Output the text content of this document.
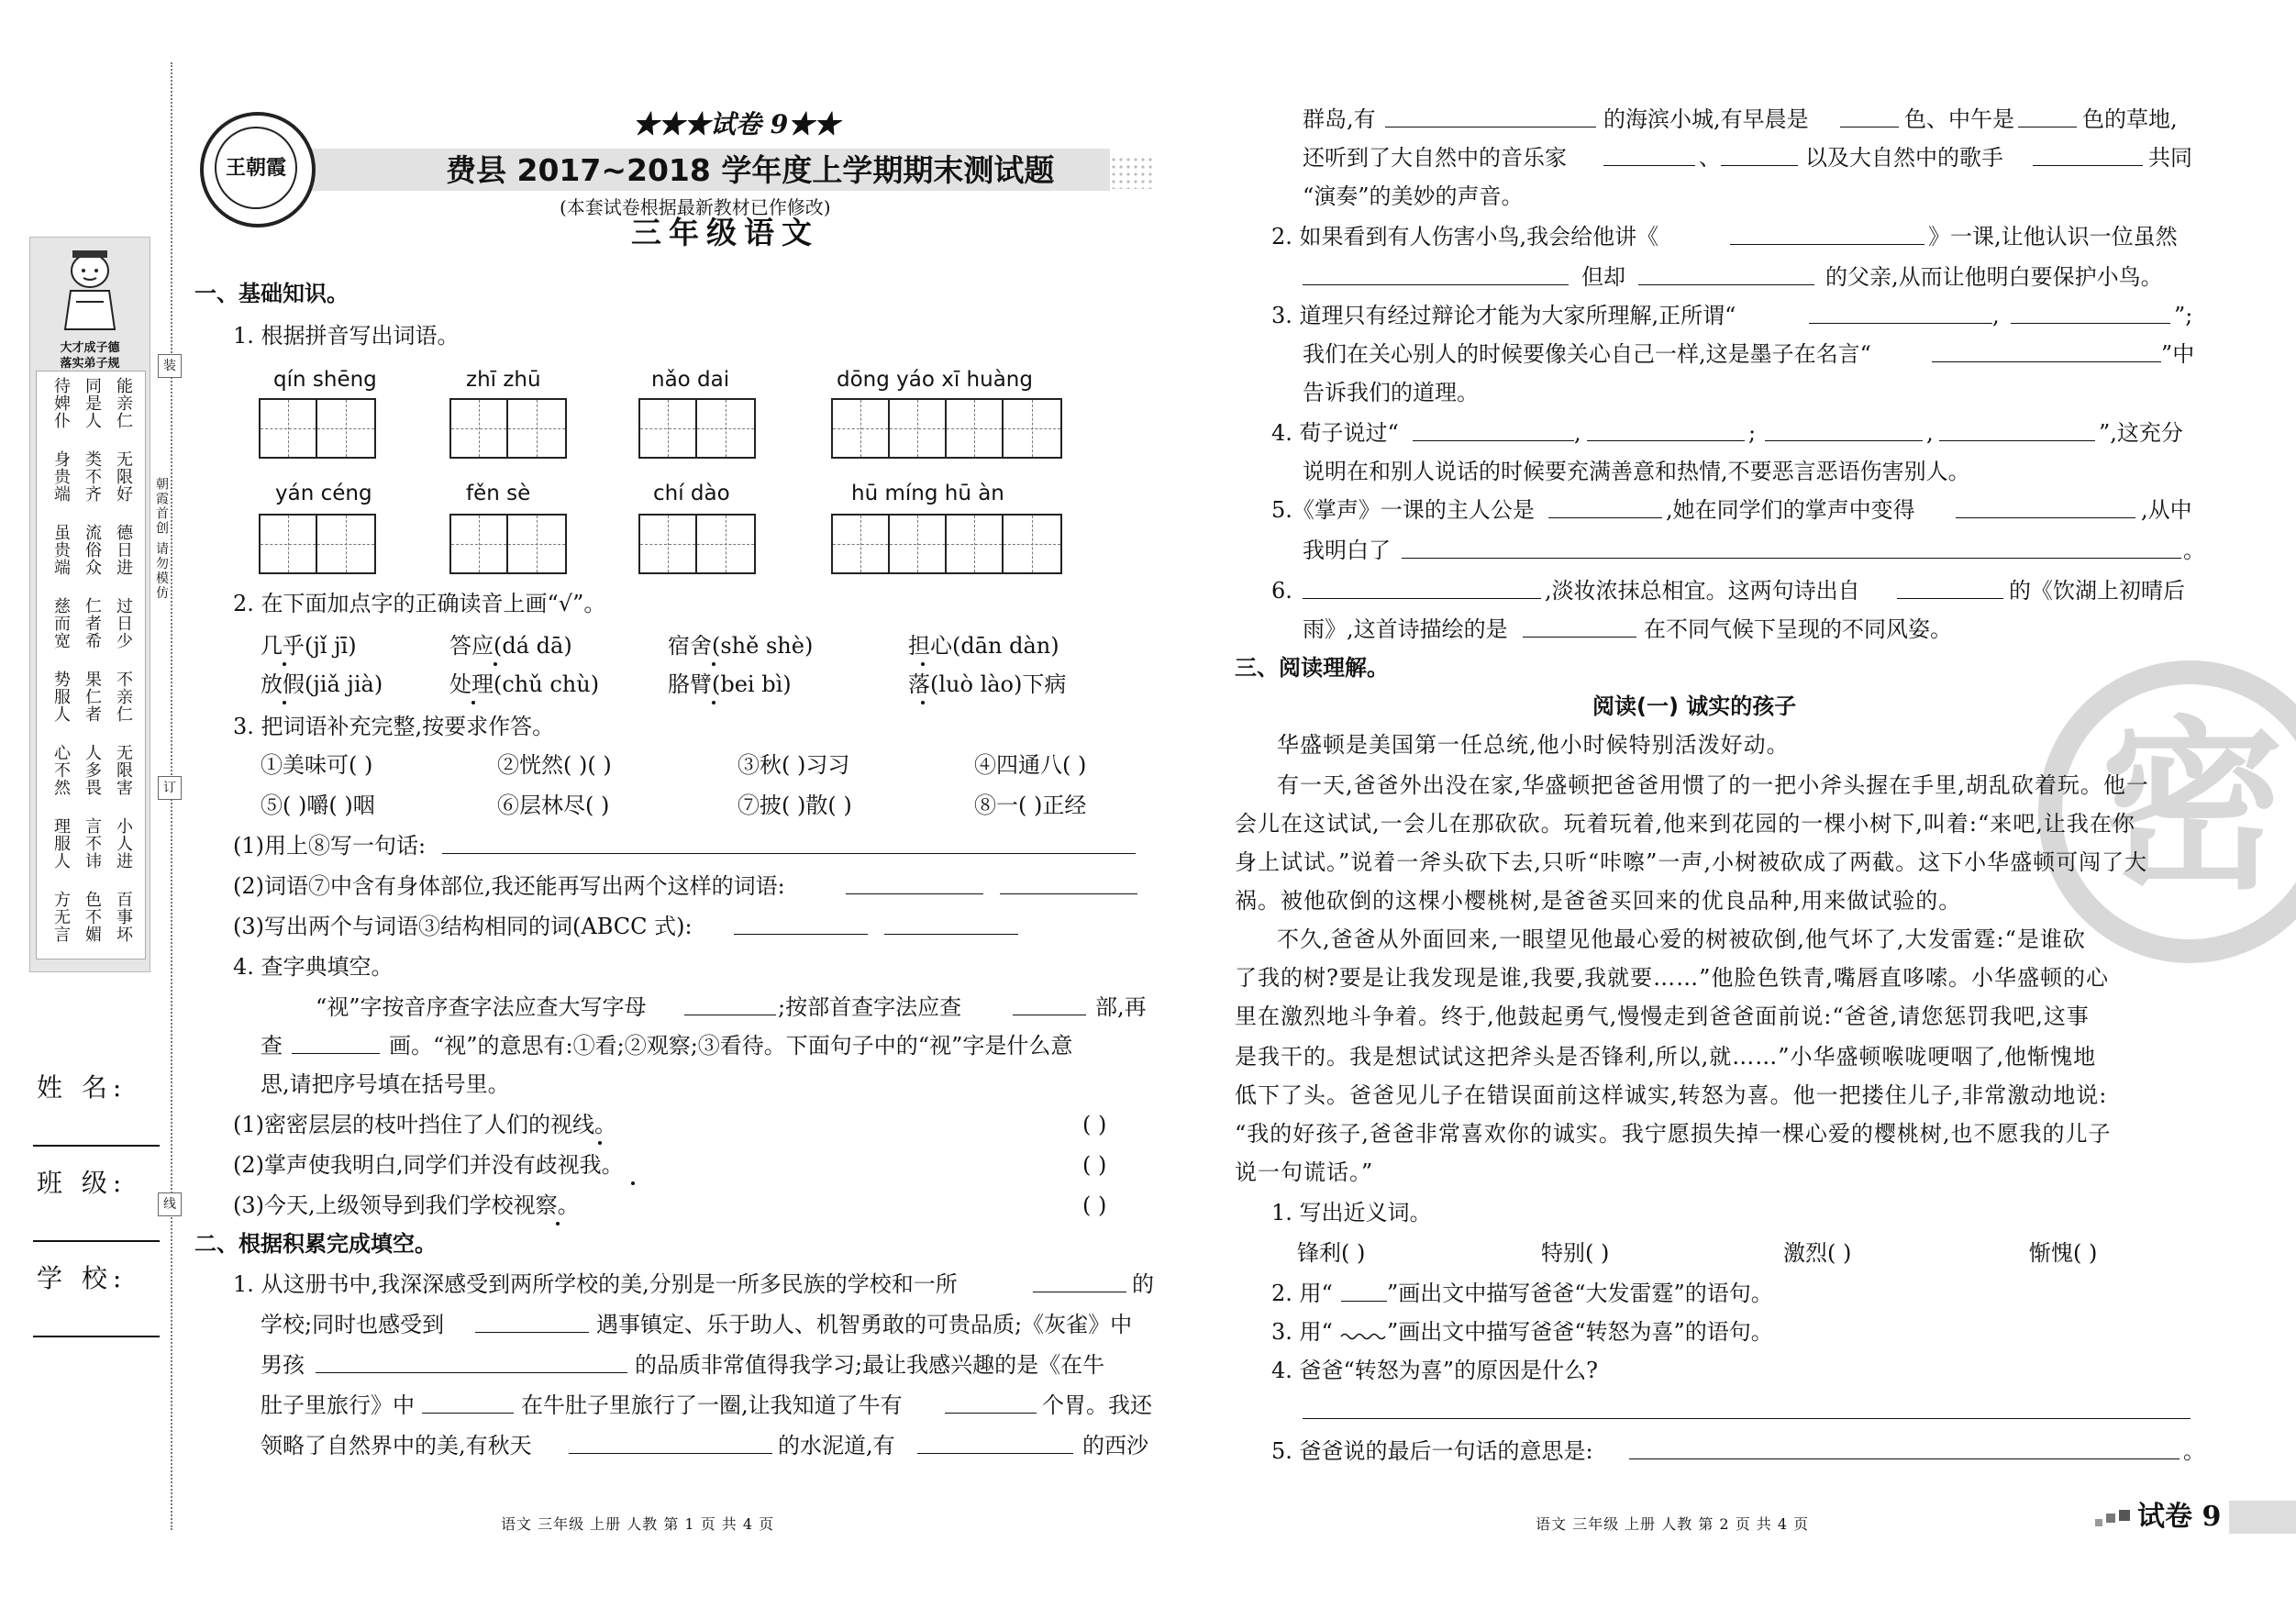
大才成子德
落实弟子规
能亲仁
同是人
待婢仆
无限好
类不齐
身贵端
德日进
流俗众
虽贵端
过日少
仁者希
慈而宽
不亲仁
果仁者
势服人
无限害
人多畏
心不然
小人进
言不讳
理服人
百事坏
色不媚
方无言
装
朝霞首创 请勿模仿
订
线
姓 名:
班 级:
学 校:
王朝霞
★★★试卷 9★★
费县 2017~2018 学年度上学期期末测试题
(本套试卷根据最新教材已作修改)
三年级语文
一、基础知识。
1. 根据拼音写出词语。
qín shēng	zhī zhū	nǎo dai	dōng yáo xī huàng
yán céng	fěn sè	chí dào	hū míng hū àn
2. 在下面加点字的正确读音上画“√”。
几乎(jǐ jī)	答应(dá dā)	宿舍(shě shè)	担心(dān dàn)
放假(jiǎ jià)	处理(chǔ chù)	胳臂(bei bì)	落(luò lào)下病
3. 把词语补充完整,按要求作答。
①美味可( )	②恍然( )( )	③秋( )习习	④四通八( )
⑤( )嚼( )咽	⑥层林尽( )	⑦披( )散( )	⑧一( )正经
(1)用上⑧写一句话:
(2)词语⑦中含有身体部位,我还能再写出两个这样的词语:
(3)写出两个与词语③结构相同的词(ABCC 式):
4. 查字典填空。
“视”字按音序查字法应查大写字母	;按部首查字法应查	部,再
查	画。“视”的意思有:①看;②观察;③看待。下面句子中的“视”字是什么意
思,请把序号填在括号里。
(1)密密层层的枝叶挡住了人们的视线。	( )
(2)掌声使我明白,同学们并没有歧视我。	( )
(3)今天,上级领导到我们学校视察。	( )
二、根据积累完成填空。
1. 从这册书中,我深深感受到两所学校的美,分别是一所多民族的学校和一所	的
学校;同时也感受到	遇事镇定、乐于助人、机智勇敢的可贵品质;《灰雀》中
男孩	的品质非常值得我学习;最让我感兴趣的是《在牛
肚子里旅行》中	在牛肚子里旅行了一圈,让我知道了牛有	个胃。我还
领略了自然界中的美,有秋天	的水泥道,有	的西沙
语文 三年级 上册 人教 第 1 页 共 4 页
密
群岛,有	的海滨小城,有早晨是	色、中午是	色的草地,
还听到了大自然中的音乐家	、	以及大自然中的歌手	共同
“演奏”的美妙的声音。
2. 如果看到有人伤害小鸟,我会给他讲《	》一课,让他认识一位虽然
但却	的父亲,从而让他明白要保护小鸟。
3. 道理只有经过辩论才能为大家所理解,正所谓“	,	”;
我们在关心别人的时候要像关心自己一样,这是墨子在名言“	”中
告诉我们的道理。
4. 荀子说过“	,	;	,	”,这充分
说明在和别人说话的时候要充满善意和热情,不要恶言恶语伤害别人。
5.《掌声》一课的主人公是	,她在同学们的掌声中变得	,从中
我明白了	。
6.	,淡妆浓抹总相宜。这两句诗出自	的《饮湖上初晴后
雨》,这首诗描绘的是	在不同气候下呈现的不同风姿。
三、阅读理解。
阅读(一) 诚实的孩子
华盛顿是美国第一任总统,他小时候特别活泼好动。
有一天,爸爸外出没在家,华盛顿把爸爸用惯了的一把小斧头握在手里,胡乱砍着玩。他一
会儿在这试试,一会儿在那砍砍。玩着玩着,他来到花园的一棵小树下,叫着:“来吧,让我在你
身上试试。”说着一斧头砍下去,只听“咔嚓”一声,小树被砍成了两截。这下小华盛顿可闯了大
祸。被他砍倒的这棵小樱桃树,是爸爸买回来的优良品种,用来做试验的。
不久,爸爸从外面回来,一眼望见他最心爱的树被砍倒,他气坏了,大发雷霆:“是谁砍
了我的树?要是让我发现是谁,我要,我就要……”他脸色铁青,嘴唇直哆嗦。小华盛顿的心
里在激烈地斗争着。终于,他鼓起勇气,慢慢走到爸爸面前说:“爸爸,请您惩罚我吧,这事
是我干的。我是想试试这把斧头是否锋利,所以,就……”小华盛顿喉咙哽咽了,他惭愧地
低下了头。爸爸见儿子在错误面前这样诚实,转怒为喜。他一把搂住儿子,非常激动地说:
“我的好孩子,爸爸非常喜欢你的诚实。我宁愿损失掉一棵心爱的樱桃树,也不愿我的儿子
说一句谎话。”
1. 写出近义词。
锋利( )	特别( )	激烈( )	惭愧( )
2. 用“ ”画出文中描写爸爸“大发雷霆”的语句。
3. 用“ ”画出文中描写爸爸“转怒为喜”的语句。
4. 爸爸“转怒为喜”的原因是什么?
5. 爸爸说的最后一句话的意思是:	。
语文 三年级 上册 人教 第 2 页 共 4 页	试卷 9
